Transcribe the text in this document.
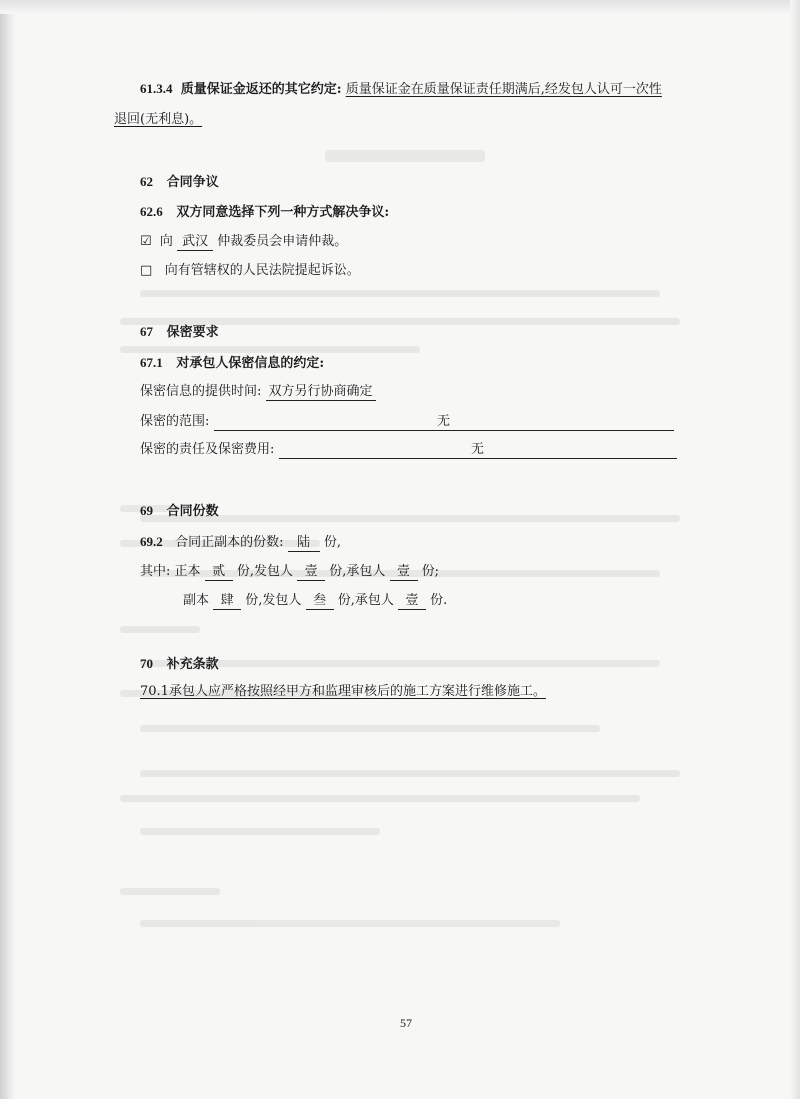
61.3.4 质量保证金返还的其它约定: 质量保证金在质量保证责任期满后,经发包人认可一次性
退回(无利息)。
62 合同争议
62.6 双方同意选择下列一种方式解决争议:
☑ 向 武汉 仲裁委员会申请仲裁。
□ 向有管辖权的人民法院提起诉讼。
67 保密要求
67.1 对承包人保密信息的约定:
保密信息的提供时间: 双方另行协商确定
保密的范围:	无
保密的责任及保密费用:	无
69 合同份数
69.2 合同正副本的份数: 陆 份,
其中: 正本 贰 份,发包人 壹 份,承包人 壹 份;
副本 肆 份,发包人 叁 份,承包人 壹 份.
70 补充条款
70.1承包人应严格按照经甲方和监理审核后的施工方案进行维修施工。
57
